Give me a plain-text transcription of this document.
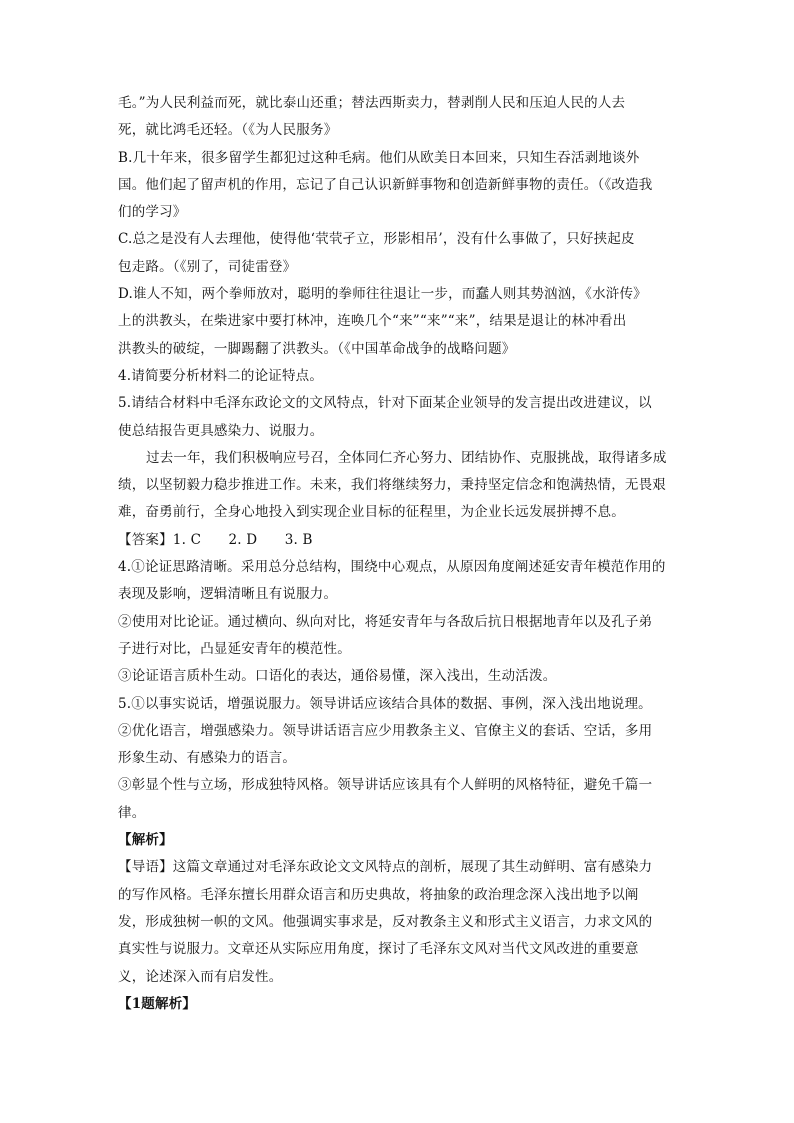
毛。”为人民利益而死，就比泰山还重；替法西斯卖力，替剥削人民和压迫人民的人去
死，就比鸿毛还轻。（《为人民服务》
B.几十年来，很多留学生都犯过这种毛病。他们从欧美日本回来，只知生吞活剥地谈外
国。他们起了留声机的作用，忘记了自己认识新鲜事物和创造新鲜事物的责任。（《改造我
们的学习》
C.总之是没有人去理他，使得他‘茕茕孑立，形影相吊’，没有什么事做了，只好挟起皮
包走路。（《别了，司徒雷登》
D.谁人不知，两个拳师放对，聪明的拳师往往退让一步，而蠢人则其势汹汹，《水浒传》
上的洪教头，在柴进家中要打林冲，连唤几个“来”“来”“来”，结果是退让的林冲看出
洪教头的破绽，一脚踢翻了洪教头。（《中国革命战争的战略问题》
4.请简要分析材料二的论证特点。
5.请结合材料中毛泽东政论文的文风特点，针对下面某企业领导的发言提出改进建议，以
使总结报告更具感染力、说服力。
过去一年，我们积极响应号召，全体同仁齐心努力、团结协作、克服挑战，取得诸多成
绩，以坚韧毅力稳步推进工作。未来，我们将继续努力，秉持坚定信念和饱满热情，无畏艰
难，奋勇前行，全身心地投入到实现企业目标的征程里，为企业长远发展拼搏不息。
【答案】1. C　　2. D　　3. B
4.①论证思路清晰。采用总分总结构，围绕中心观点，从原因角度阐述延安青年模范作用的
表现及影响，逻辑清晰且有说服力。
②使用对比论证。通过横向、纵向对比，将延安青年与各敌后抗日根据地青年以及孔子弟
子进行对比，凸显延安青年的模范性。
③论证语言质朴生动。口语化的表达，通俗易懂，深入浅出，生动活泼。
5.①以事实说话，增强说服力。领导讲话应该结合具体的数据、事例，深入浅出地说理。
②优化语言，增强感染力。领导讲话语言应少用教条主义、官僚主义的套话、空话，多用
形象生动、有感染力的语言。
③彰显个性与立场，形成独特风格。领导讲话应该具有个人鲜明的风格特征，避免千篇一
律。
【解析】
【导语】这篇文章通过对毛泽东政论文文风特点的剖析，展现了其生动鲜明、富有感染力
的写作风格。毛泽东擅长用群众语言和历史典故，将抽象的政治理念深入浅出地予以阐
发，形成独树一帜的文风。他强调实事求是，反对教条主义和形式主义语言，力求文风的
真实性与说服力。文章还从实际应用角度，探讨了毛泽东文风对当代文风改进的重要意
义，论述深入而有启发性。
【1题解析】
